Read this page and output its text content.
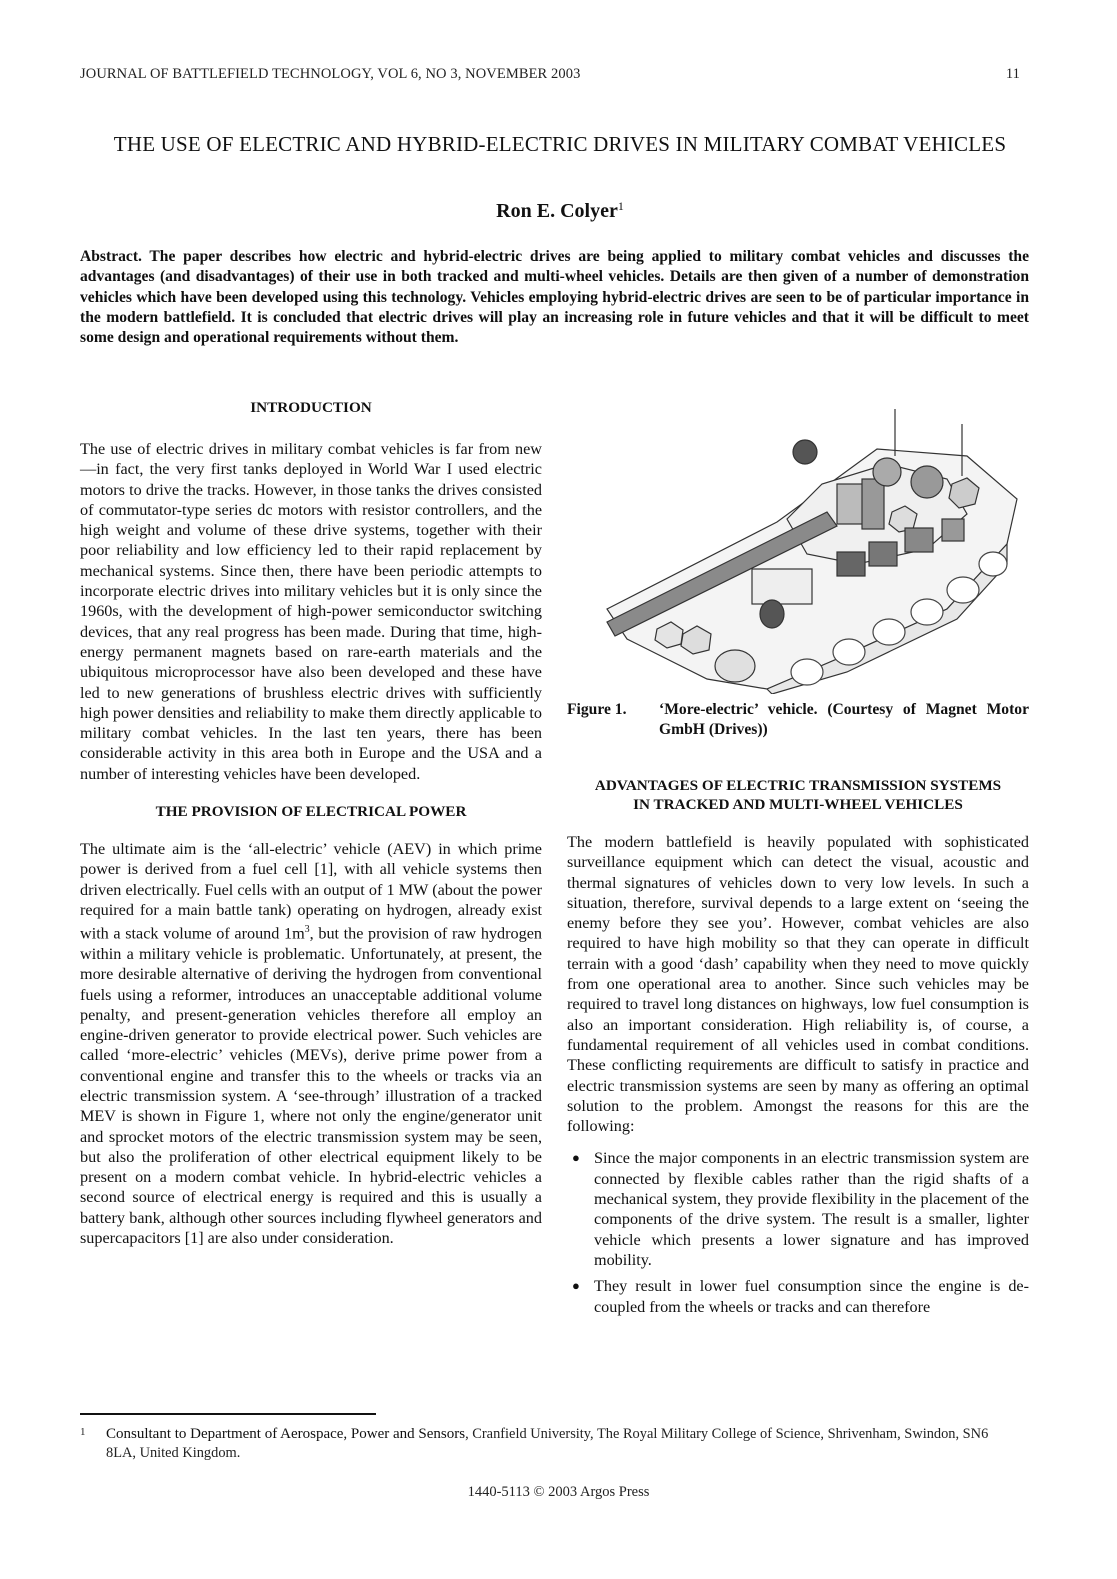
JOURNAL OF BATTLEFIELD TECHNOLOGY, VOL 6, NO 3, NOVEMBER 2003	11
THE USE OF ELECTRIC AND HYBRID-ELECTRIC DRIVES IN MILITARY COMBAT VEHICLES
Ron E. Colyer$^1$
Abstract. The paper describes how electric and hybrid-electric drives are being applied to military combat vehicles and discusses the advantages (and disadvantages) of their use in both tracked and multi-wheel vehicles. Details are then given of a number of demonstration vehicles which have been developed using this technology. Vehicles employing hybrid-electric drives are seen to be of particular importance in the modern battlefield. It is concluded that electric drives will play an increasing role in future vehicles and that it will be difficult to meet some design and operational requirements without them.
INTRODUCTION

The use of electric drives in military combat vehicles is far from new—in fact, the very first tanks deployed in World War I used electric motors to drive the tracks. However, in those tanks the drives consisted of commutator-type series dc motors with resistor controllers, and the high weight and volume of these drive systems, together with their poor reliability and low efficiency led to their rapid replacement by mechanical systems. Since then, there have been periodic attempts to incorporate electric drives into military vehicles but it is only since the 1960s, with the development of high-power semiconductor switching devices, that any real progress has been made. During that time, high-energy permanent magnets based on rare-earth materials and the ubiquitous microprocessor have also been developed and these have led to new generations of brushless electric drives with sufficiently high power densities and reliability to make them directly applicable to military combat vehicles. In the last ten years, there has been considerable activity in this area both in Europe and the USA and a number of interesting vehicles have been developed.

THE PROVISION OF ELECTRICAL POWER

The ultimate aim is the ‘all-electric’ vehicle (AEV) in which prime power is derived from a fuel cell [1], with all vehicle systems then driven electrically. Fuel cells with an output of 1 MW (about the power required for a main battle tank) operating on hydrogen, already exist with a stack volume of around $1m^3$, but the provision of raw hydrogen within a military vehicle is problematic. Unfortunately, at present, the more desirable alternative of deriving the hydrogen from conventional fuels using a reformer, introduces an unacceptable additional volume penalty, and present-generation vehicles therefore all employ an engine-driven generator to provide electrical power. Such vehicles are called ‘more-electric’ vehicles (MEVs), derive prime power from a conventional engine and transfer this to the wheels or tracks via an electric transmission system. A ‘see-through’ illustration of a tracked MEV is shown in Figure 1, where not only the engine/generator unit and sprocket motors of the electric transmission system may be seen, but also the proliferation of other electrical equipment likely to be present on a modern combat vehicle. In hybrid-electric vehicles a second source of electrical energy is required and this is usually a battery bank, although other sources including flywheel generators and supercapacitors [1] are also under consideration.

Figure 1.	‘More-electric’ vehicle. (Courtesy of Magnet Motor GmbH (Drives))
ADVANTAGES OF ELECTRIC TRANSMISSION SYSTEMS IN TRACKED AND MULTI-WHEEL VEHICLES

The modern battlefield is heavily populated with sophisticated surveillance equipment which can detect the visual, acoustic and thermal signatures of vehicles down to very low levels. In such a situation, therefore, survival depends to a large extent on ‘seeing the enemy before they see you’. However, combat vehicles are also required to have high mobility so that they can operate in difficult terrain with a good ‘dash’ capability when they need to move quickly from one operational area to another. Since such vehicles may be required to travel long distances on highways, low fuel consumption is also an important consideration. High reliability is, of course, a fundamental requirement of all vehicles used in combat conditions. These conflicting requirements are difficult to satisfy in practice and electric transmission systems are seen by many as offering an optimal solution to the problem. Amongst the reasons for this are the following:

● Since the major components in an electric transmission system are connected by flexible cables rather than the rigid shafts of a mechanical system, they provide flexibility in the placement of the components of the drive system. The result is a smaller, lighter vehicle which presents a lower signature and has improved mobility.
● They result in lower fuel consumption since the engine is de-coupled from the wheels or tracks and can therefore
1 Consultant to Department of Aerospace, Power and Sensors, Cranfield University, The Royal Military College of Science, Shrivenham, Swindon, SN6 8LA, United Kingdom.
1440-5113 © 2003 Argos Press
